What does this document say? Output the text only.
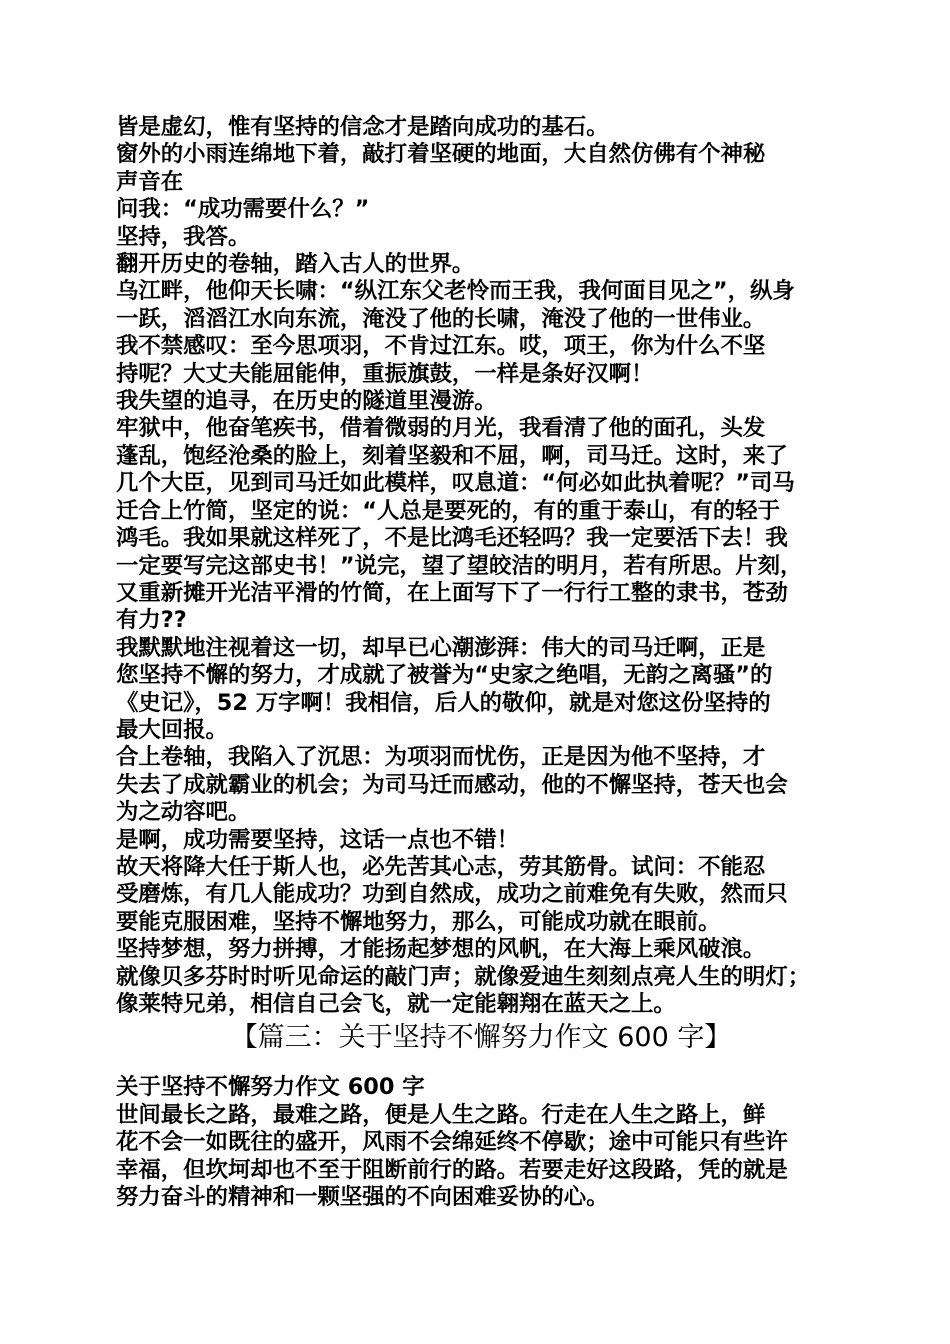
皆是虚幻，惟有坚持的信念才是踏向成功的基石。

窗外的小雨连绵地下着，敲打着坚硬的地面，大自然仿佛有个神秘
声音在

问我：“成功需要什么？”

坚持，我答。

翻开历史的卷轴，踏入古人的世界。

乌江畔，他仰天长啸：“纵江东父老怜而王我，我何面目见之”，纵身
一跃，滔滔江水向东流，淹没了他的长啸，淹没了他的一世伟业。

我不禁感叹：至今思项羽，不肯过江东。哎，项王，你为什么不坚
持呢？大丈夫能屈能伸，重振旗鼓，一样是条好汉啊！

我失望的追寻，在历史的隧道里漫游。

牢狱中，他奋笔疾书，借着微弱的月光，我看清了他的面孔，头发
蓬乱，饱经沧桑的脸上，刻着坚毅和不屈，啊，司马迁。这时，来了
几个大臣，见到司马迁如此模样，叹息道：“何必如此执着呢？”司马
迁合上竹简，坚定的说：“人总是要死的，有的重于泰山，有的轻于
鸿毛。我如果就这样死了，不是比鸿毛还轻吗？我一定要活下去！我
一定要写完这部史书！”说完，望了望皎洁的明月，若有所思。片刻，
又重新摊开光洁平滑的竹简，在上面写下了一行行工整的隶书，苍劲
有力??

我默默地注视着这一切，却早已心潮澎湃：伟大的司马迁啊，正是
您坚持不懈的努力，才成就了被誉为“史家之绝唱，无韵之离骚”的
《史记》，52 万字啊！我相信，后人的敬仰，就是对您这份坚持的
最大回报。

合上卷轴，我陷入了沉思：为项羽而忧伤，正是因为他不坚持，才
失去了成就霸业的机会；为司马迁而感动，他的不懈坚持，苍天也会
为之动容吧。

是啊，成功需要坚持，这话一点也不错！

故天将降大任于斯人也，必先苦其心志，劳其筋骨。试问：不能忍
受磨炼，有几人能成功？功到自然成，成功之前难免有失败，然而只
要能克服困难，坚持不懈地努力，那么，可能成功就在眼前。

坚持梦想，努力拼搏，才能扬起梦想的风帆，在大海上乘风破浪。
就像贝多芬时时听见命运的敲门声；就像爱迪生刻刻点亮人生的明灯；
像莱特兄弟，相信自己会飞，就一定能翱翔在蓝天之上。

【篇三：关于坚持不懈努力作文 600 字】

关于坚持不懈努力作文 600 字

世间最长之路，最难之路，便是人生之路。行走在人生之路上，鲜
花不会一如既往的盛开，风雨不会绵延终不停歇；途中可能只有些许
幸福，但坎坷却也不至于阻断前行的路。若要走好这段路，凭的就是
努力奋斗的精神和一颗坚强的不向困难妥协的心。
